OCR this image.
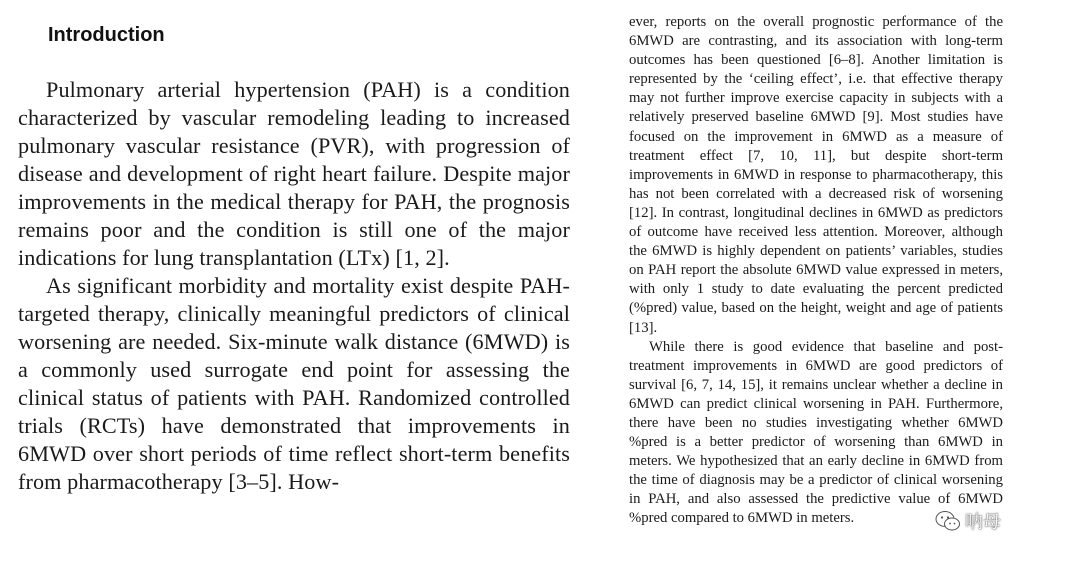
Introduction

Pulmonary arterial hypertension (PAH) is a condition characterized by vascular remodeling leading to increased pulmonary vascular resistance (PVR), with progression of disease and development of right heart failure. Despite major improvements in the medical therapy for PAH, the prognosis remains poor and the condition is still one of the major indications for lung transplantation (LTx) [1, 2].

As significant morbidity and mortality exist despite PAH-targeted therapy, clinically meaningful predictors of clinical worsening are needed. Six-minute walk distance (6MWD) is a commonly used surrogate end point for assessing the clinical status of patients with PAH. Randomized controlled trials (RCTs) have demonstrated that improvements in 6MWD over short periods of time reflect short-term benefits from pharmacotherapy [3–5]. How-

ever, reports on the overall prognostic performance of the 6MWD are contrasting, and its association with long-term outcomes has been questioned [6–8]. Another limitation is represented by the ‘ceiling effect’, i.e. that effective therapy may not further improve exercise capacity in subjects with a relatively preserved baseline 6MWD [9]. Most studies have focused on the improvement in 6MWD as a measure of treatment effect [7, 10, 11], but despite short-term improvements in 6MWD in response to pharmacotherapy, this has not been correlated with a decreased risk of worsening [12]. In contrast, longitudinal declines in 6MWD as predictors of outcome have received less attention. Moreover, although the 6MWD is highly dependent on patients’ variables, studies on PAH report the absolute 6MWD value expressed in meters, with only 1 study to date evaluating the percent predicted (%pred) value, based on the height, weight and age of patients [13].

While there is good evidence that baseline and post-treatment improvements in 6MWD are good predictors of survival [6, 7, 14, 15], it remains unclear whether a decline in 6MWD can predict clinical worsening in PAH. Furthermore, there have been no studies investigating whether 6MWD %pred is a better predictor of worsening than 6MWD in meters. We hypothesized that an early decline in 6MWD from the time of diagnosis may be a predictor of clinical worsening in PAH, and also assessed the predictive value of 6MWD %pred compared to 6MWD in meters.	呐母
